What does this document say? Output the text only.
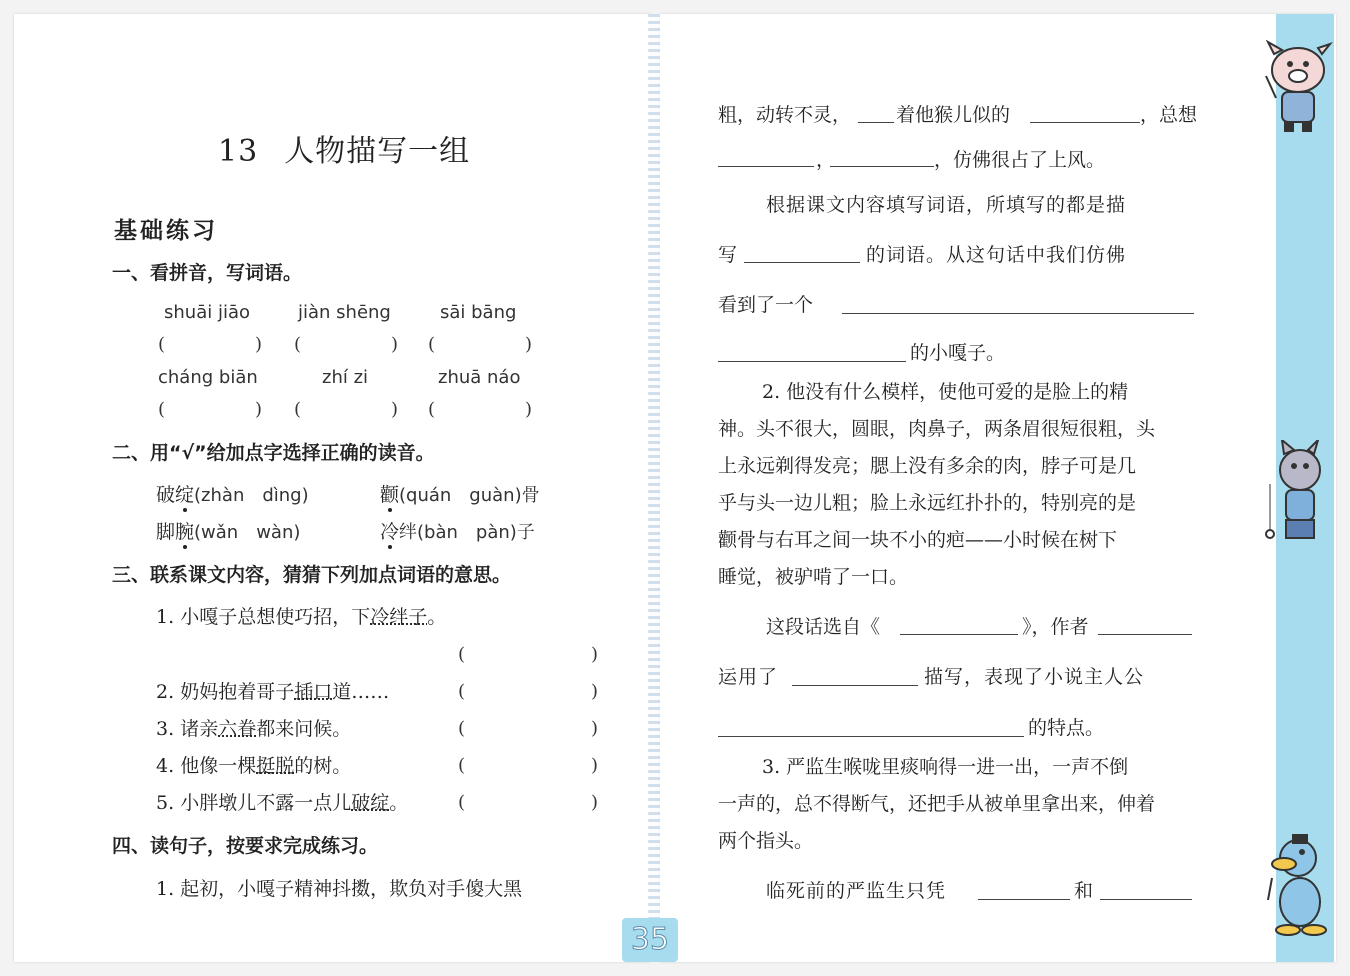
13 人物描写一组
基础练习
一、看拼音，写词语。
shuāi jiāo	jiàn shēng	sāi bāng
(　　　　　) (　　　　　) (　　　　　)
cháng biān	zhí zi	zhuā náo
(　　　　　) (　　　　　) (　　　　　)
二、用“√”给加点字选择正确的读音。
破绽(zhàn　dìng)	颧(quán　guàn)骨
脚腕(wǎn　wàn)	冷绊(bàn　pàn)子
三、联系课文内容，猜猜下列加点词语的意思。
1. 小嘎子总想使巧招，下冷绊子。
(　　　　　　　)
2. 奶妈抱着哥子插口道……	(　　　　　　　)
3. 诸亲六眷都来问候。	(　　　　　　　)
4. 他像一棵挺脱的树。	(　　　　　　　)
5. 小胖墩儿不露一点儿破绽。	(　　　　　　　)
四、读句子，按要求完成练习。
1. 起初，小嘎子精神抖擞，欺负对手傻大黑
35
粗，动转不灵， 着他猴儿似的	，总想
，	，仿佛很占了上风。
根据课文内容填写词语，所填写的都是描
写	的词语。从这句话中我们仿佛
看到了一个
的小嘎子。
2. 他没有什么模样，使他可爱的是脸上的精
神。头不很大，圆眼，肉鼻子，两条眉很短很粗，头
上永远剃得发亮；腮上没有多余的肉，脖子可是几
乎与头一边儿粗；脸上永远红扑扑的，特别亮的是
颧骨与右耳之间一块不小的疤——小时候在树下
睡觉，被驴啃了一口。
这段话选自《	》，作者
运用了	描写，表现了小说主人公
的特点。
3. 严监生喉咙里痰响得一进一出，一声不倒
一声的，总不得断气，还把手从被单里拿出来，伸着
两个指头。
临死前的严监生只凭	和
